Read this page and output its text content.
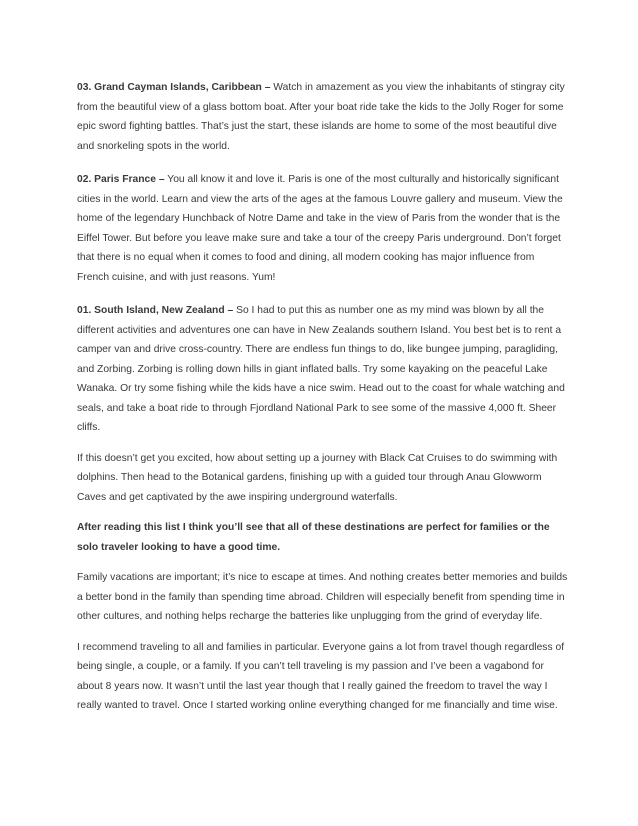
03. Grand Cayman Islands, Caribbean – Watch in amazement as you view the inhabitants of stingray city from the beautiful view of a glass bottom boat. After your boat ride take the kids to the Jolly Roger for some epic sword fighting battles. That’s just the start, these islands are home to some of the most beautiful dive and snorkeling spots in the world.

02. Paris France – You all know it and love it. Paris is one of the most culturally and historically significant cities in the world. Learn and view the arts of the ages at the famous Louvre gallery and museum. View the home of the legendary Hunchback of Notre Dame and take in the view of Paris from the wonder that is the Eiffel Tower. But before you leave make sure and take a tour of the creepy Paris underground. Don’t forget that there is no equal when it comes to food and dining, all modern cooking has major influence from French cuisine, and with just reasons. Yum!

01. South Island, New Zealand – So I had to put this as number one as my mind was blown by all the different activities and adventures one can have in New Zealands southern Island. You best bet is to rent a camper van and drive cross-country. There are endless fun things to do, like bungee jumping, paragliding, and Zorbing. Zorbing is rolling down hills in giant inflated balls. Try some kayaking on the peaceful Lake Wanaka. Or try some fishing while the kids have a nice swim. Head out to the coast for whale watching and seals, and take a boat ride to through Fjordland National Park to see some of the massive 4,000 ft. Sheer cliffs.

If this doesn’t get you excited, how about setting up a journey with Black Cat Cruises to do swimming with dolphins. Then head to the Botanical gardens, finishing up with a guided tour through Anau Glowworm Caves and get captivated by the awe inspiring underground waterfalls.

After reading this list I think you’ll see that all of these destinations are perfect for families or the solo traveler looking to have a good time.

Family vacations are important; it’s nice to escape at times. And nothing creates better memories and builds a better bond in the family than spending time abroad. Children will especially benefit from spending time in other cultures, and nothing helps recharge the batteries like unplugging from the grind of everyday life.

I recommend traveling to all and families in particular. Everyone gains a lot from travel though regardless of being single, a couple, or a family. If you can’t tell traveling is my passion and I’ve been a vagabond for about 8 years now. It wasn’t until the last year though that I really gained the freedom to travel the way I really wanted to travel. Once I started working online everything changed for me financially and time wise.
